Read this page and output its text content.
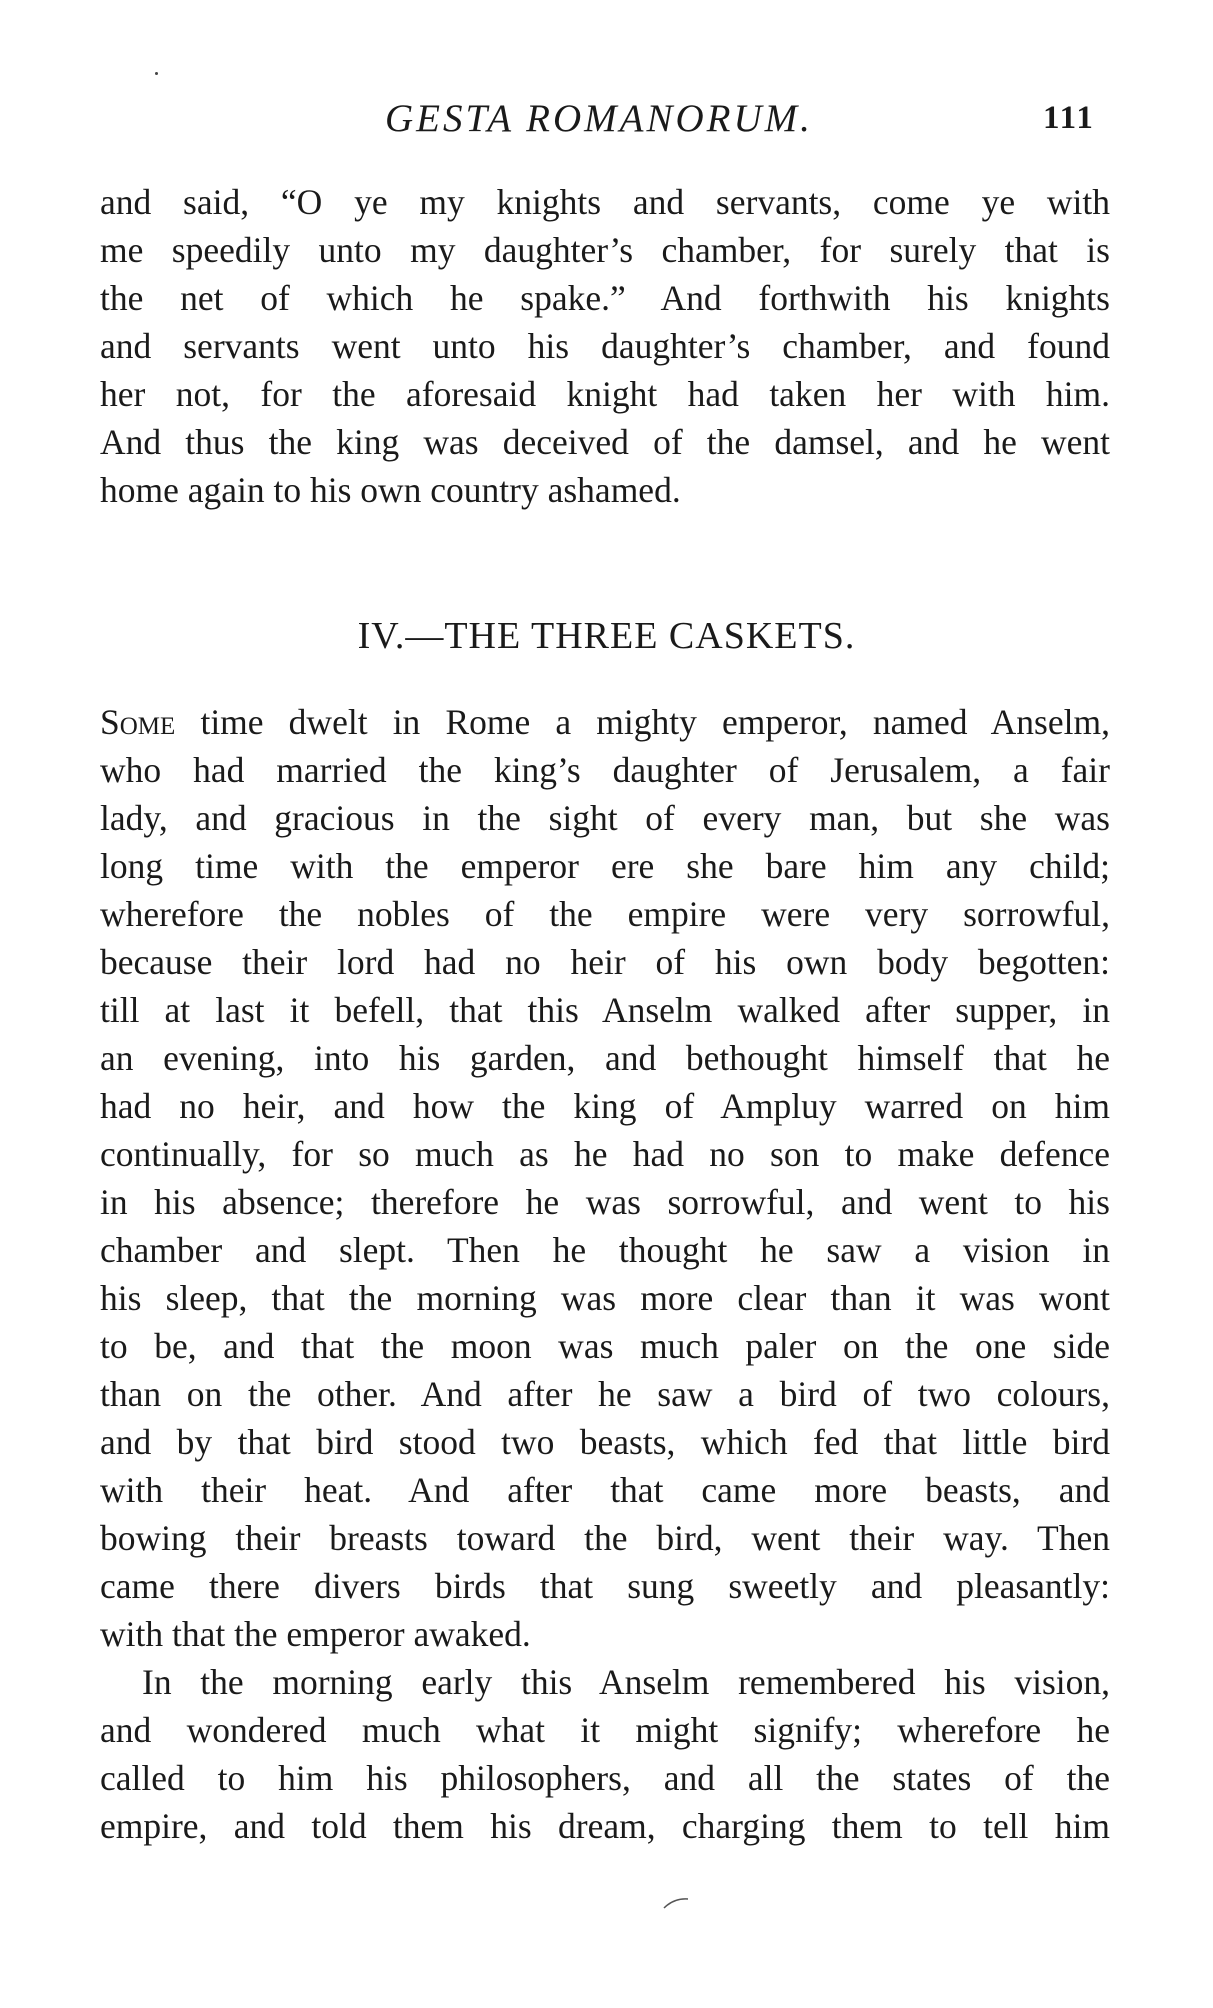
GESTA ROMANORUM.	111
and said, “O ye my knights and servants, come ye with
me speedily unto my daughter’s chamber, for surely that is
the net of which he spake.” And forthwith his knights
and servants went unto his daughter’s chamber, and found
her not, for the aforesaid knight had taken her with him.
And thus the king was deceived of the damsel, and he went
home again to his own country ashamed.
IV.—THE THREE CASKETS.
Some time dwelt in Rome a mighty emperor, named Anselm,
who had married the king’s daughter of Jerusalem, a fair
lady, and gracious in the sight of every man, but she was
long time with the emperor ere she bare him any child;
wherefore the nobles of the empire were very sorrowful,
because their lord had no heir of his own body begotten:
till at last it befell, that this Anselm walked after supper, in
an evening, into his garden, and bethought himself that he
had no heir, and how the king of Ampluy warred on him
continually, for so much as he had no son to make defence
in his absence; therefore he was sorrowful, and went to his
chamber and slept. Then he thought he saw a vision in
his sleep, that the morning was more clear than it was wont
to be, and that the moon was much paler on the one side
than on the other. And after he saw a bird of two colours,
and by that bird stood two beasts, which fed that little bird
with their heat. And after that came more beasts, and
bowing their breasts toward the bird, went their way. Then
came there divers birds that sung sweetly and pleasantly:
with that the emperor awaked.
In the morning early this Anselm remembered his vision,
and wondered much what it might signify; wherefore he
called to him his philosophers, and all the states of the
empire, and told them his dream, charging them to tell him
